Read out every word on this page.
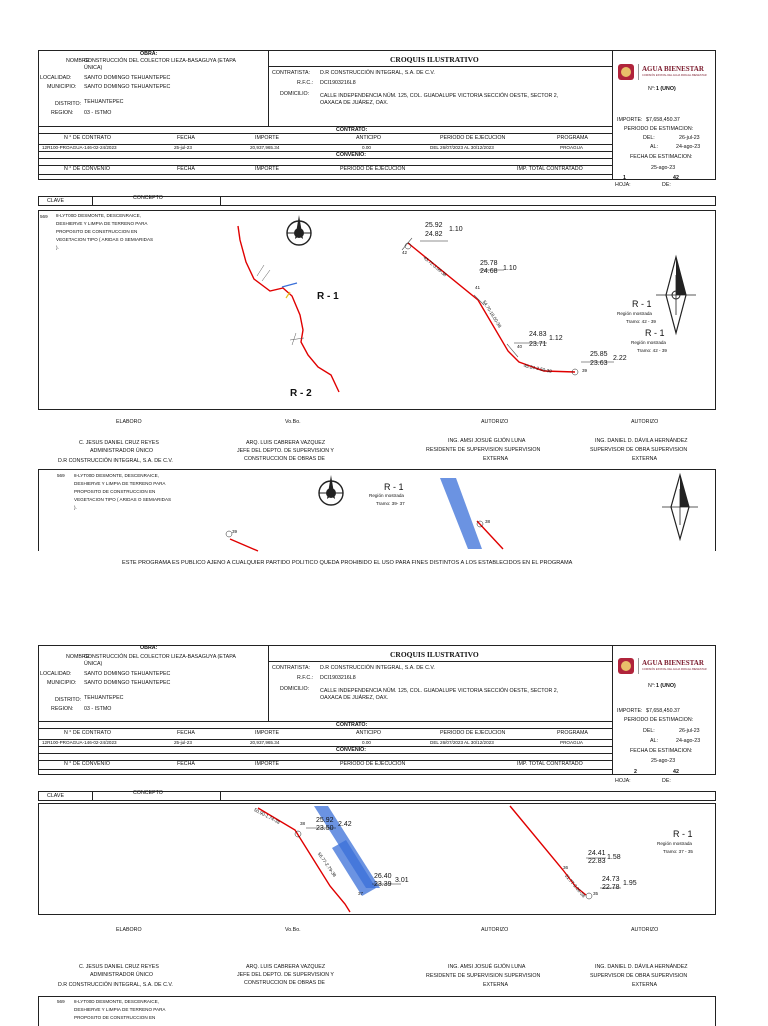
OBRA:
NOMBRE:
CONSTRUCCIÓN DEL COLECTOR LIEZA-BASAGUYA (ETAPA
ÚNICA)
LOCALIDAD: SANTO DOMINGO TEHUANTEPEC
MUNICIPIO: SANTO DOMINGO TEHUANTEPEC
DISTRITO: TEHUANTEPEC
REGION: 03 - ISTMO
CROQUIS ILUSTRATIVO
CONTRATISTA: D.R CONSTRUCCIÓN INTEGRAL, S.A. DE C.V.
R.F.C.: DCI1903216L8
DOMICILIO: CALLE INDEPENDENCIA NÚM. 125, COL. GUADALUPE VICTORIA SECCIÓN OESTE, SECTOR 2,
OAXACA DE JUÁREZ, OAX.
AGUA BIENESTAR
COMISIÓN ESTATAL DEL AGUA PARA EL BIENESTAR
N°: 1 (UNO)
IMPORTE: $7,658,450.37
PERIODO DE ESTIMACION:
DEL:	26-jul-23
AL:	24-ago-23
FECHA DE ESTIMACION:
25-ago-23
1	42
HOJA:	DE:
CONTRATO:
N ° DE CONTRATO	FECHA	IMPORTE	ANTICIPO	PERIODO DE EJECUCION	PROGRAMA
12R100-PROAGUA-146-02-24/2023	25-jul-23	20,937,965.34	0.00	DEL 26/07/2023 AL 30/12/2023	PROAGUA
CONVENIO:
N ° DE CONVENIO	FECHA	IMPORTE	PERIODO DE EJECUCION	IMP. TOTAL CONTRATADO
CLAVE	CONCEPTO
569 8-LYT00D DESMONTE, DESCENRAICE,
DESHIERVE Y LIMPIA DE TERRENO PARA
PROPOSITO DE CONSTRUCCION EN
VEGETACION TIPO ( ARIDAS O SEMIARIDAS
).
25.92
24.82
1.10
25.78
24.68 1.10
24.83
23.71
1.12
25.85
23.63
2.22
42
41
40
39
43.72-3.09-38
54.70-18.00-38
45.24-2.50-38
R - 1
R - 2
R - 1
Región mostrada
Tramo: 42 - 39
R - 1
Región mostrada
Tramo: 42 - 39
ELABORO	Vo.Bo.	AUTORIZO	AUTORIZO
C. JESUS DANIEL CRUZ REYES
ADMINISTRADOR ÚNICO
D.R CONSTRUCCIÓN INTEGRAL, S.A. DE C.V.
ARQ. LUIS CABRERA VAZQUEZ
JEFE DEL DEPTO. DE SUPERVISION Y
CONSTRUCCION DE OBRAS DE
ING. AMSI JOSUÉ GIJÓN LUNA
RESIDENTE DE SUPERVISION SUPERVISION
EXTERNA
ING. DANIEL D. DÁVILA HERNÁNDEZ
SUPERVISOR DE OBRA SUPERVISION
EXTERNA
569 8-LYT00D DESMONTE, DESCENRAICE,
DESHIERVE Y LIMPIA DE TERRENO PARA
PROPOSITO DE CONSTRUCCION EN
VEGETACION TIPO ( ARIDAS O SEMIARIDAS
).
39
38
R - 1
Región mostrada
Tramo: 39- 37
ESTE PROGRAMA ES PUBLICO AJENO A CUALQUIER PARTIDO POLITICO QUEDA PROHIBIDO EL USO PARA FINES DISTINTOS A LOS ESTABLECIDOS EN EL PROGRAMA
OBRA:
NOMBRE:
CONSTRUCCIÓN DEL COLECTOR LIEZA-BASAGUYA (ETAPA
ÚNICA)
LOCALIDAD: SANTO DOMINGO TEHUANTEPEC
MUNICIPIO: SANTO DOMINGO TEHUANTEPEC
DISTRITO: TEHUANTEPEC
REGION: 03 - ISTMO
CROQUIS ILUSTRATIVO
CONTRATISTA: D.R CONSTRUCCIÓN INTEGRAL, S.A. DE C.V.
R.F.C.: DCI1903216L8
DOMICILIO: CALLE INDEPENDENCIA NÚM. 125, COL. GUADALUPE VICTORIA SECCIÓN OESTE, SECTOR 2,
OAXACA DE JUÁREZ, OAX.
AGUA BIENESTAR
COMISIÓN ESTATAL DEL AGUA PARA EL BIENESTAR
N°: 1 (UNO)
IMPORTE: $7,658,450.37
PERIODO DE ESTIMACION:
DEL:	26-jul-23
AL:	24-ago-23
FECHA DE ESTIMACION:
25-ago-23
2	42
HOJA:	DE:
CONTRATO:
N ° DE CONTRATO	FECHA	IMPORTE	ANTICIPO	PERIODO DE EJECUCION	PROGRAMA
12R100-PROAGUA-146-02-24/2023	25-jul-23	20,937,965.34	0.00	DEL 26/07/2023 AL 30/12/2023	PROAGUA
CONVENIO:
N ° DE CONVENIO	FECHA	IMPORTE	PERIODO DE EJECUCION	IMP. TOTAL CONTRATADO
CLAVE	CONCEPTO
25.92
23.50
2.42
26.40
23.39
3.01
24.41
22.83
1.58
24.73
22.78
1.95
38
37
36
35
50.90-1.74-38
56.77-2.79-38
21.77-2.06-38
R - 1
Región mostrada
Tramo: 37 - 35
ELABORO	Vo.Bo.	AUTORIZO	AUTORIZO
C. JESUS DANIEL CRUZ REYES
ADMINISTRADOR ÚNICO
D.R CONSTRUCCIÓN INTEGRAL, S.A. DE C.V.
ARQ. LUIS CABRERA VAZQUEZ
JEFE DEL DEPTO. DE SUPERVISION Y
CONSTRUCCION DE OBRAS DE
ING. AMSI JOSUÉ GIJÓN LUNA
RESIDENTE DE SUPERVISION SUPERVISION
EXTERNA
ING. DANIEL D. DÁVILA HERNÁNDEZ
SUPERVISOR DE OBRA SUPERVISION
EXTERNA
569 8-LYT00D DESMONTE, DESCENRAICE,
DESHIERVE Y LIMPIA DE TERRENO PARA
PROPOSITO DE CONSTRUCCION EN
